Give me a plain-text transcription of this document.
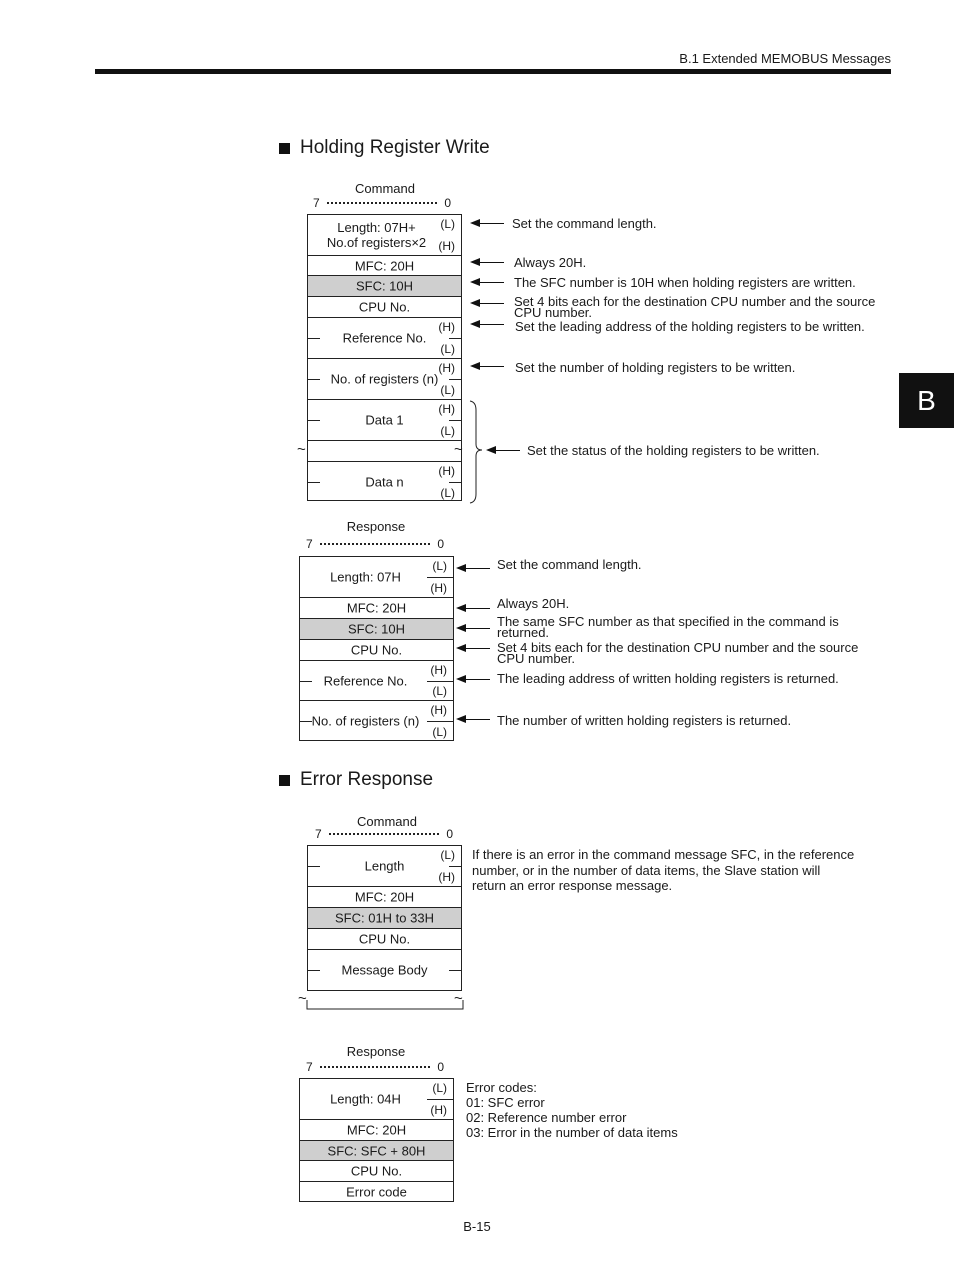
B.1 Extended MEMOBUS Messages
B
Holding Register Write
Command
7	0
Length: 07H+
No.of registers×2
(L)
(H)
MFC: 20H
SFC: 10H
CPU No.
Reference No.
(H)
(L)
No. of registers (n)
(H)
(L)
Data 1
(H)
(L)
Data n
(H)
(L)
~	~
Set the command length.
Always 20H.
The SFC number is 10H when holding registers are written.
Set 4 bits each for the destination CPU number and the source
CPU number.
Set the leading address of the holding registers to be written.
Set the number of holding registers to be written.
Set the status of the holding registers to be written.
Response
7	0
Length: 07H
(L)
(H)
MFC: 20H
SFC: 10H
CPU No.
Reference No.
(H)
(L)
No. of registers (n)
(H)
(L)
Set the command length.
Always 20H.
The same SFC number as that specified in the command is
returned.
Set 4 bits each for the destination CPU number and the source
CPU number.
The leading address of written holding registers is returned.
The number of written holding registers is returned.
Error Response
Command
7	0
Length
(L)
(H)
MFC: 20H
SFC: 01H to 33H
CPU No.
Message Body
~	~
If there is an error in the command message SFC, in the reference
number, or in the number of data items, the Slave station will
return an error response message.
Response
7	0
Length: 04H
(L)
(H)
MFC: 20H
SFC: SFC + 80H
CPU No.
Error code
Error codes:
01: SFC error
02: Reference number error
03: Error in the number of data items
B-15
